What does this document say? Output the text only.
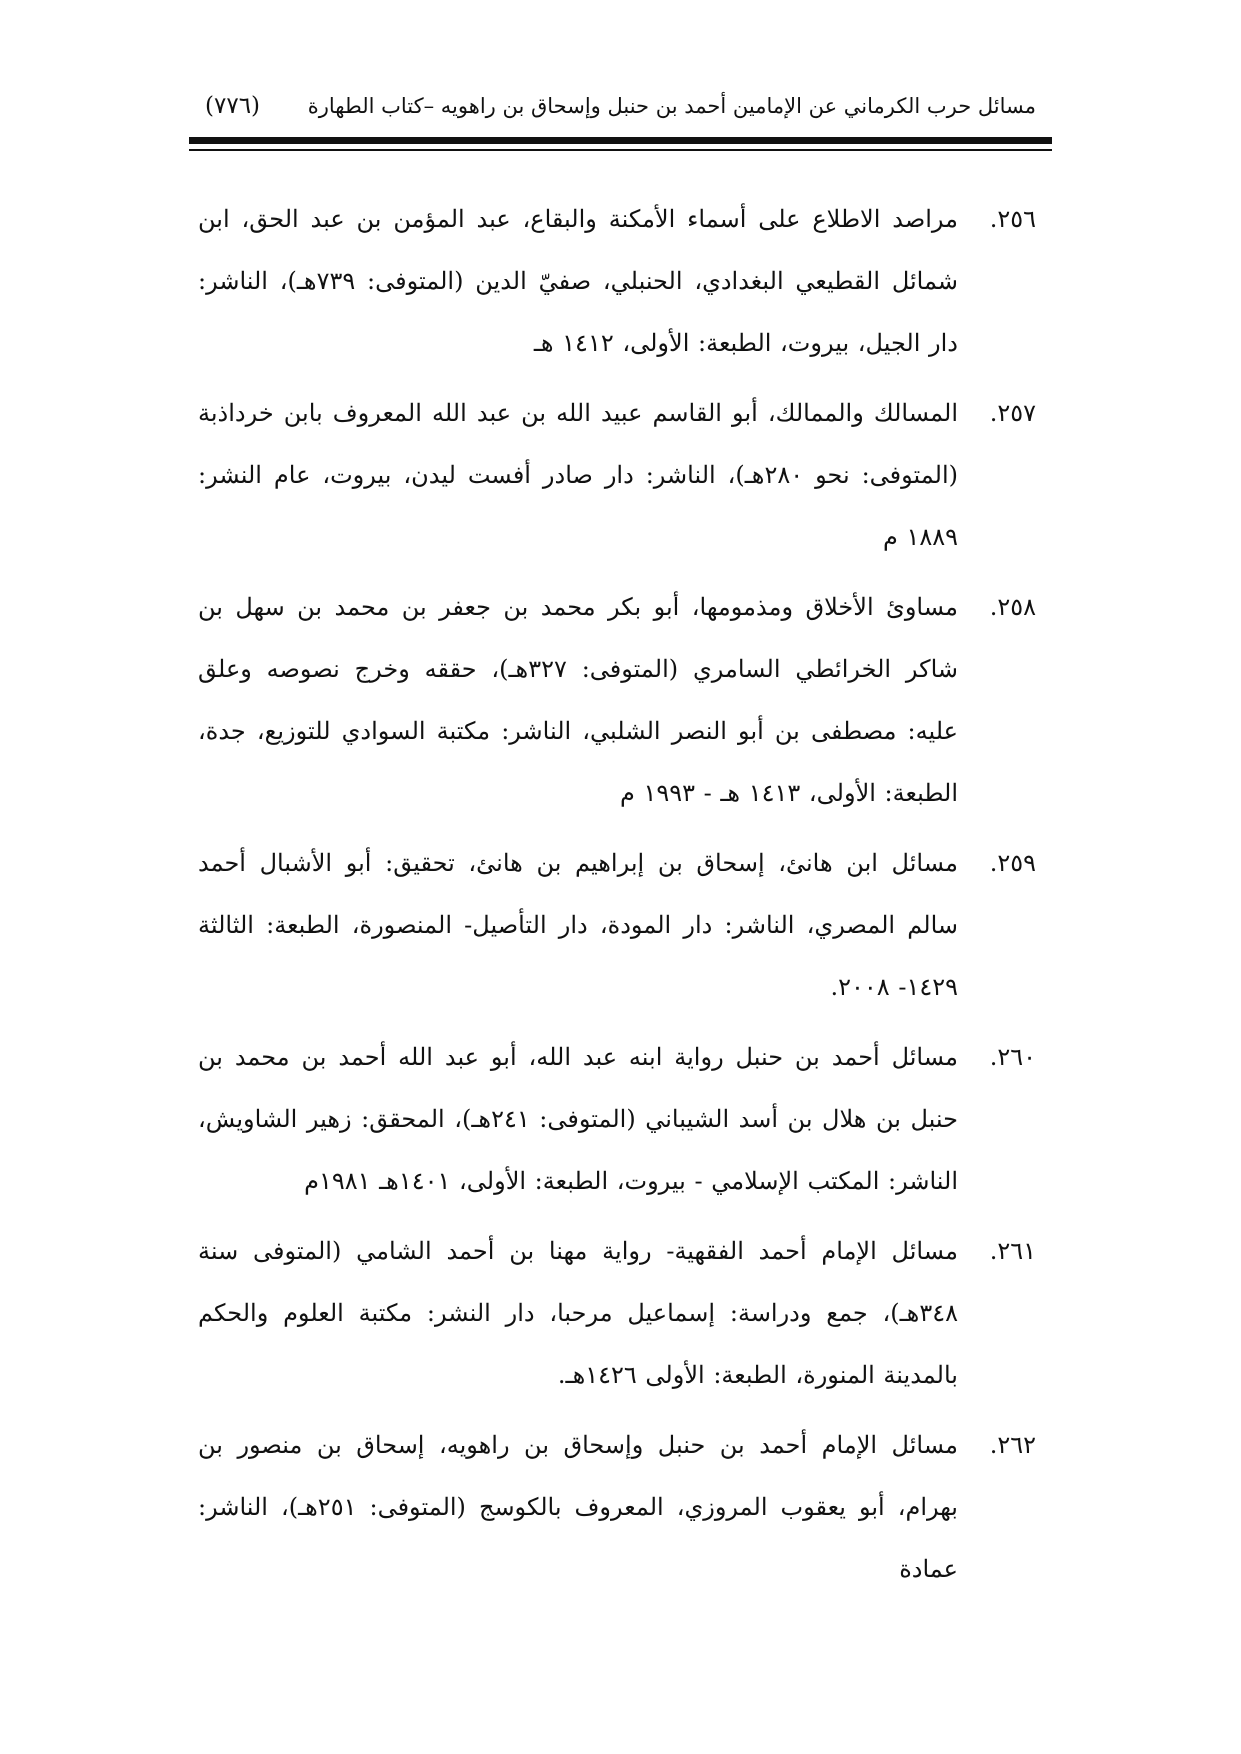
مسائل حرب الكرماني عن الإمامين أحمد بن حنبل وإسحاق بن راهويه –كتاب الطهارة
(٧٧٦)
٢٥٦.
مراصد الاطلاع على أسماء الأمكنة والبقاع، عبد المؤمن بن عبد الحق، ابن شمائل القطيعي البغدادي، الحنبلي، صفيّ الدين (المتوفى: ٧٣٩هـ)، الناشر: دار الجيل، بيروت، الطبعة: الأولى، ١٤١٢ هـ
٢٥٧.
المسالك والممالك، أبو القاسم عبيد الله بن عبد الله المعروف بابن خرداذبة (المتوفى: نحو ٢٨٠هـ)، الناشر: دار صادر أفست ليدن، بيروت، عام النشر: ١٨٨٩ م
٢٥٨.
مساوئ الأخلاق ومذمومها، أبو بكر محمد بن جعفر بن محمد بن سهل بن شاكر الخرائطي السامري (المتوفى: ٣٢٧هـ)، حققه وخرج نصوصه وعلق عليه: مصطفى بن أبو النصر الشلبي، الناشر: مكتبة السوادي للتوزيع، جدة، الطبعة: الأولى، ١٤١٣ هـ - ١٩٩٣ م
٢٥٩.
مسائل ابن هانئ، إسحاق بن إبراهيم بن هانئ، تحقيق: أبو الأشبال أحمد سالم المصري، الناشر: دار المودة، دار التأصيل- المنصورة، الطبعة: الثالثة ١٤٢٩- ٢٠٠٨.
٢٦٠.
مسائل أحمد بن حنبل رواية ابنه عبد الله، أبو عبد الله أحمد بن محمد بن حنبل بن هلال بن أسد الشيباني (المتوفى: ٢٤١هـ)، المحقق: زهير الشاويش، الناشر: المكتب الإسلامي - بيروت، الطبعة: الأولى، ١٤٠١هـ ١٩٨١م
٢٦١.
مسائل الإمام أحمد الفقهية- رواية مهنا بن أحمد الشامي (المتوفى سنة ٣٤٨هـ)، جمع ودراسة: إسماعيل مرحبا، دار النشر: مكتبة العلوم والحكم بالمدينة المنورة، الطبعة: الأولى ١٤٢٦هـ.
٢٦٢.
مسائل الإمام أحمد بن حنبل وإسحاق بن راهويه، إسحاق بن منصور بن بهرام، أبو يعقوب المروزي، المعروف بالكوسج (المتوفى: ٢٥١هـ)، الناشر: عمادة
